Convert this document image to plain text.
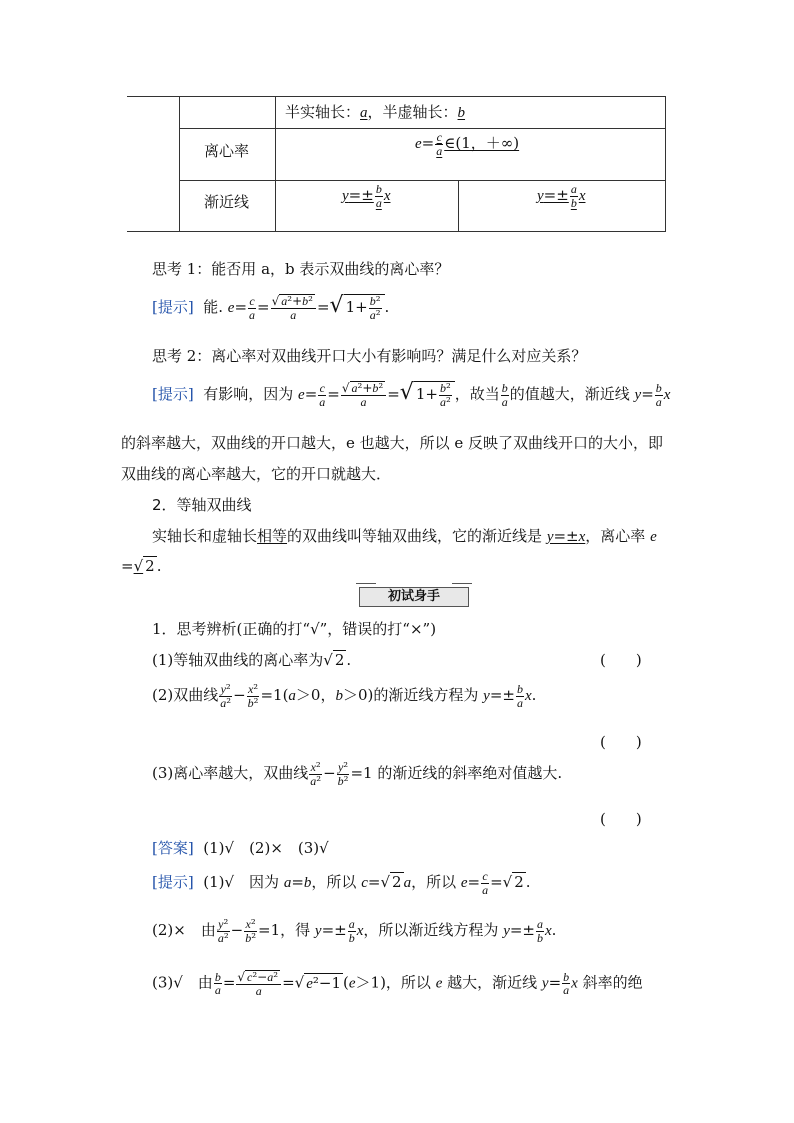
半实轴长：a，半虚轴长：b
离心率	$e= \frac{c}{a}$ ∈(1，＋∞)
渐近线	$y=\pm \frac{b}{a}$ x	$y=\pm \frac{a}{b}$ x
思考 1：能否用 a，b 表示双曲线的离心率？
[提示]  能. $e= \frac{c}{a} = \frac{\text{√ a²+b²}}{a}$ =√ $1+ \frac{\text{b²}}{\text{a²}}$ .
思考 2：离心率对双曲线开口大小有影响吗？满足什么对应关系？
[提示]  有影响，因为 $e= \frac{c}{a} = \frac{\text{√ a²+b²}}{a}$ =√ $1+ \frac{\text{b²}}{\text{a²}}$ ，故当 $\frac{b}{a}$ 的值越大，渐近线 $y= \frac{b}{a}$ x
的斜率越大，双曲线的开口越大，e 也越大，所以 e 反映了双曲线开口的大小，即
双曲线的离心率越大，它的开口就越大．
2．等轴双曲线
实轴长和虚轴长相等的双曲线叫等轴双曲线，它的渐近线是 y=±x，离心率 e
=√ 2 .
初试身手
1．思考辨析(正确的打“√”，错误的打“×”)
(1)等轴双曲线的离心率为√ 2 .	(　　)
(2)双曲线 $\frac{\text{y²}}{\text{a²}} - \frac{\text{x²}}{\text{b²}} =1(a>0$，b＞0)的渐近线方程为 $y=\pm \frac{b}{a} x$.
(　　)
(3)离心率越大，双曲线 $\frac{\text{x²}}{\text{a²}} - \frac{\text{y²}}{\text{b²}} =1$ 的渐近线的斜率绝对值越大.
(　　)
[答案] (1)√　(2)×　(3)√
[提示]  (1)√　因为 a=b，所以 c=√ 2 a，所以 $e= \frac{c}{a}$ =√ 2 .
(2)×　由 $\frac{\text{y²}}{\text{a²}} - \frac{\text{x²}}{\text{b²}} =1$，得 $y=\pm \frac{a}{b}$ x，所以渐近线方程为 $y=\pm \frac{a}{b} x$.
(3)√　由 $\frac{b}{a} = \frac{\text{√ c²−a²}}{a}$ =√ e²−1 (e＞1)，所以 e 越大，渐近线 $y= \frac{b}{a}$ x 斜率的绝
